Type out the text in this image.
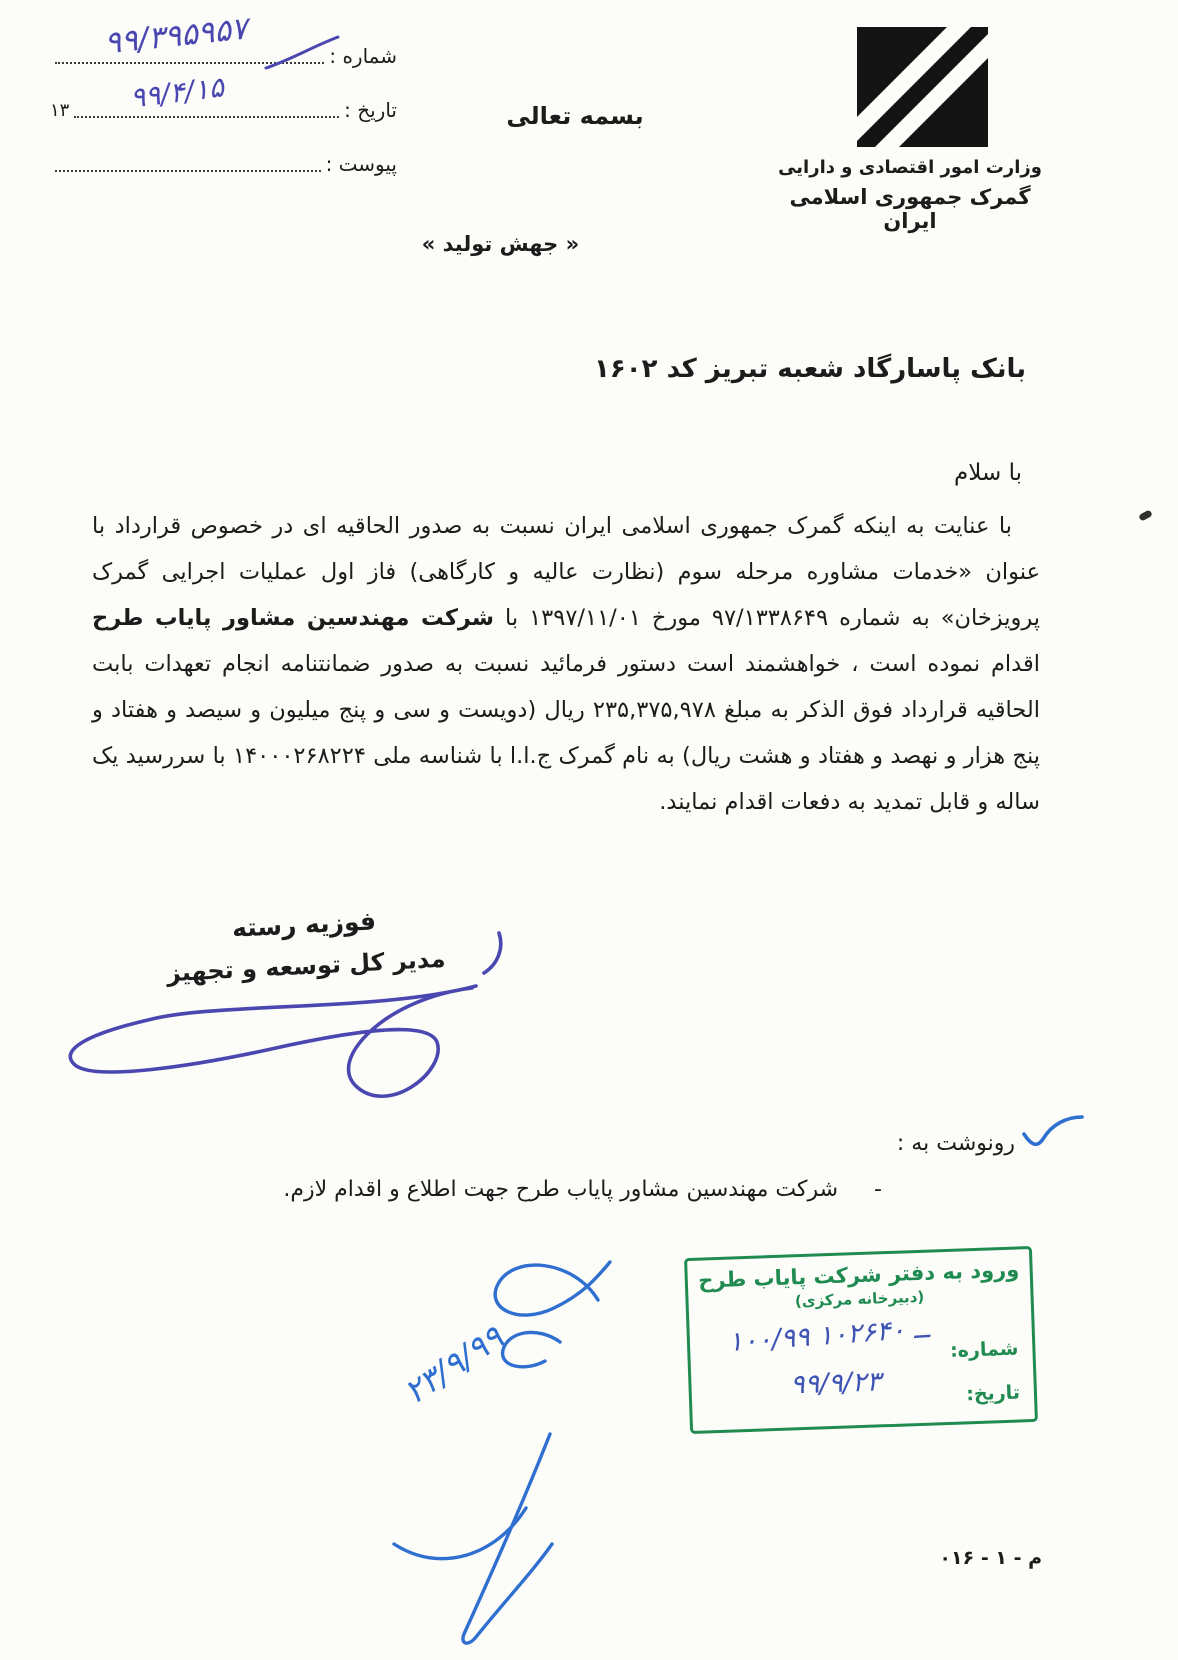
شماره :
۹۹/۳۹۵۹۵۷
تاریخ :
۱۳	۹۹/۴/۱۵
پیوست :
بسمه تعالی
« جهش تولید »
وزارت امور اقتصادی و دارایی
گمرک جمهوری اسلامی ایران
بانک پاسارگاد شعبه تبریز کد ۱۶۰۲
با سلام

با عنایت به اینکه گمرک جمهوری اسلامی ایران نسبت به صدور الحاقیه ای در خصوص قرارداد با عنوان «خدمات مشاوره مرحله سوم (نظارت عالیه و کارگاهی) فاز اول عملیات اجرایی گمرک پرویزخان» به شماره ۹۷/۱۳۳۸۶۴۹ مورخ ۱۳۹۷/۱۱/۰۱ با شرکت مهندسین مشاور پایاب طرح اقدام نموده است ، خواهشمند است دستور فرمائید نسبت به صدور ضمانتنامه انجام تعهدات بابت الحاقیه قرارداد فوق الذکر به مبلغ ۲۳۵,۳۷۵,۹۷۸ ریال (دویست و سی و پنج میلیون و سیصد و هفتاد و پنج هزار و نهصد و هفتاد و هشت ریال) به نام گمرک ج.ا.ا با شناسه ملی ۱۴۰۰۰۲۶۸۲۲۴ با سررسید یک ساله و قابل تمدید به دفعات اقدام نمایند.

فوزیه رسته
مدیر کل توسعه و تجهیز
رونوشت به :
-
شرکت مهندسین مشاور پایاب طرح جهت اطلاع و اقدام لازم.
ورود به دفتر شرکت پایاب طرح
(دبیرخانه مرکزی)
شماره:
تاریخ:
۱۰۰/۹۹ ــ ۱۰۲۶۴۰
۹۹/۹/۲۳
۲۳/۹/۹۹
م - ۱ - ۰۱۶
